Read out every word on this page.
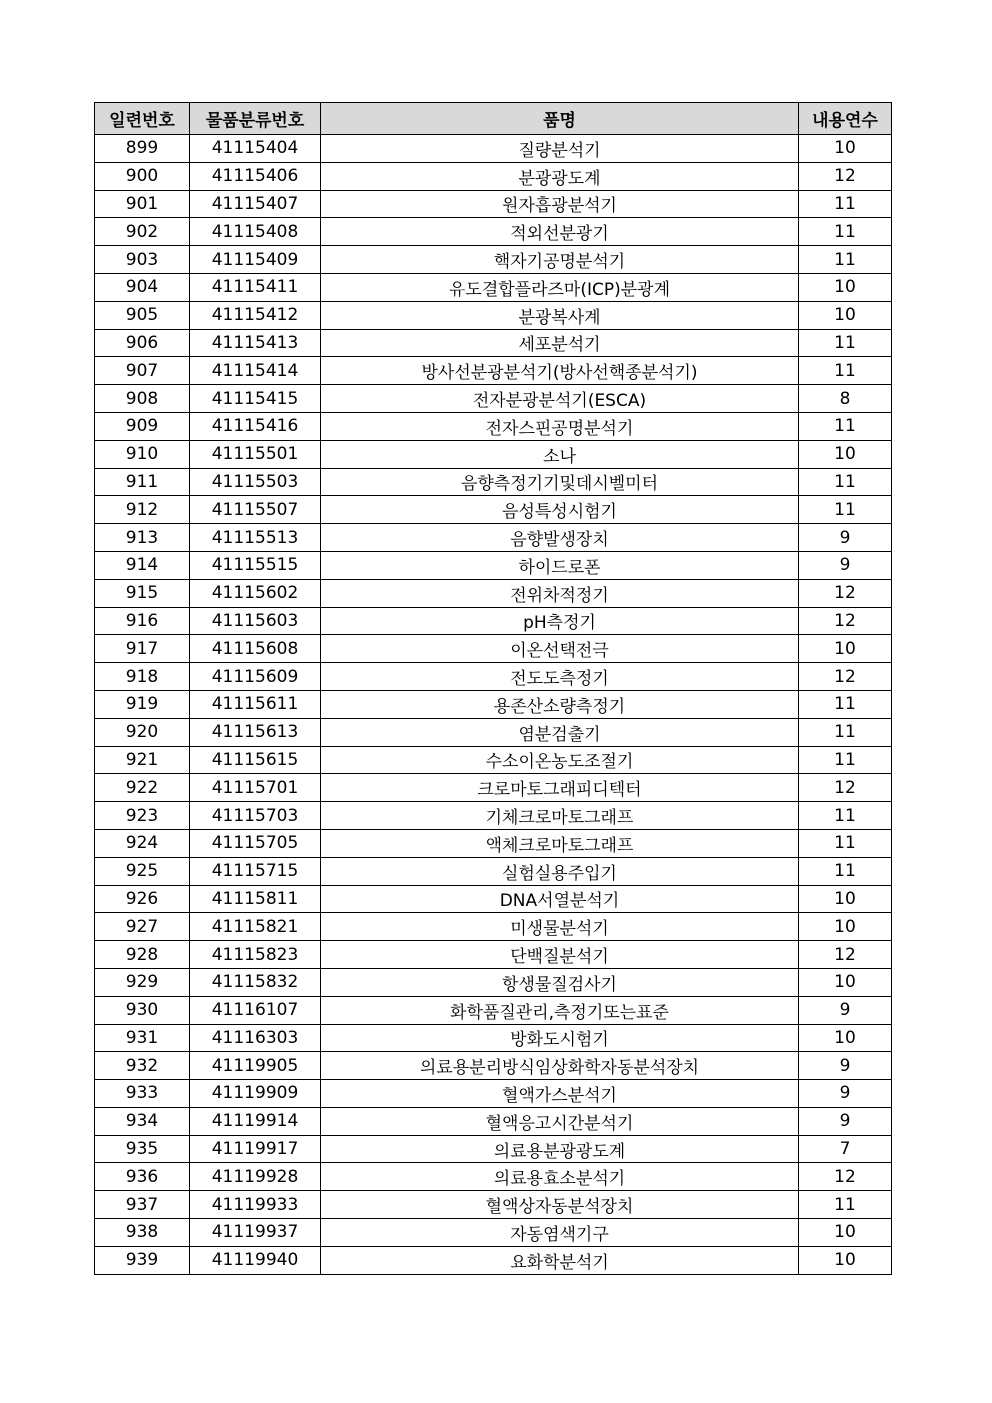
일련번호	물품분류번호	품명	내용연수
899	41115404	질량분석기	10
900	41115406	분광광도계	12
901	41115407	원자흡광분석기	11
902	41115408	적외선분광기	11
903	41115409	핵자기공명분석기	11
904	41115411	유도결합플라즈마(ICP)분광계	10
905	41115412	분광복사계	10
906	41115413	세포분석기	11
907	41115414	방사선분광분석기(방사선핵종분석기)	11
908	41115415	전자분광분석기(ESCA)	8
909	41115416	전자스핀공명분석기	11
910	41115501	소나	10
911	41115503	음향측정기기및데시벨미터	11
912	41115507	음성특성시험기	11
913	41115513	음향발생장치	9
914	41115515	하이드로폰	9
915	41115602	전위차적정기	12
916	41115603	pH측정기	12
917	41115608	이온선택전극	10
918	41115609	전도도측정기	12
919	41115611	용존산소량측정기	11
920	41115613	염분검출기	11
921	41115615	수소이온농도조절기	11
922	41115701	크로마토그래피디텍터	12
923	41115703	기체크로마토그래프	11
924	41115705	액체크로마토그래프	11
925	41115715	실험실용주입기	11
926	41115811	DNA서열분석기	10
927	41115821	미생물분석기	10
928	41115823	단백질분석기	12
929	41115832	항생물질검사기	10
930	41116107	화학품질관리,측정기또는표준	9
931	41116303	방화도시험기	10
932	41119905	의료용분리방식임상화학자동분석장치	9
933	41119909	혈액가스분석기	9
934	41119914	혈액응고시간분석기	9
935	41119917	의료용분광광도계	7
936	41119928	의료용효소분석기	12
937	41119933	혈액상자동분석장치	11
938	41119937	자동염색기구	10
939	41119940	요화학분석기	10
